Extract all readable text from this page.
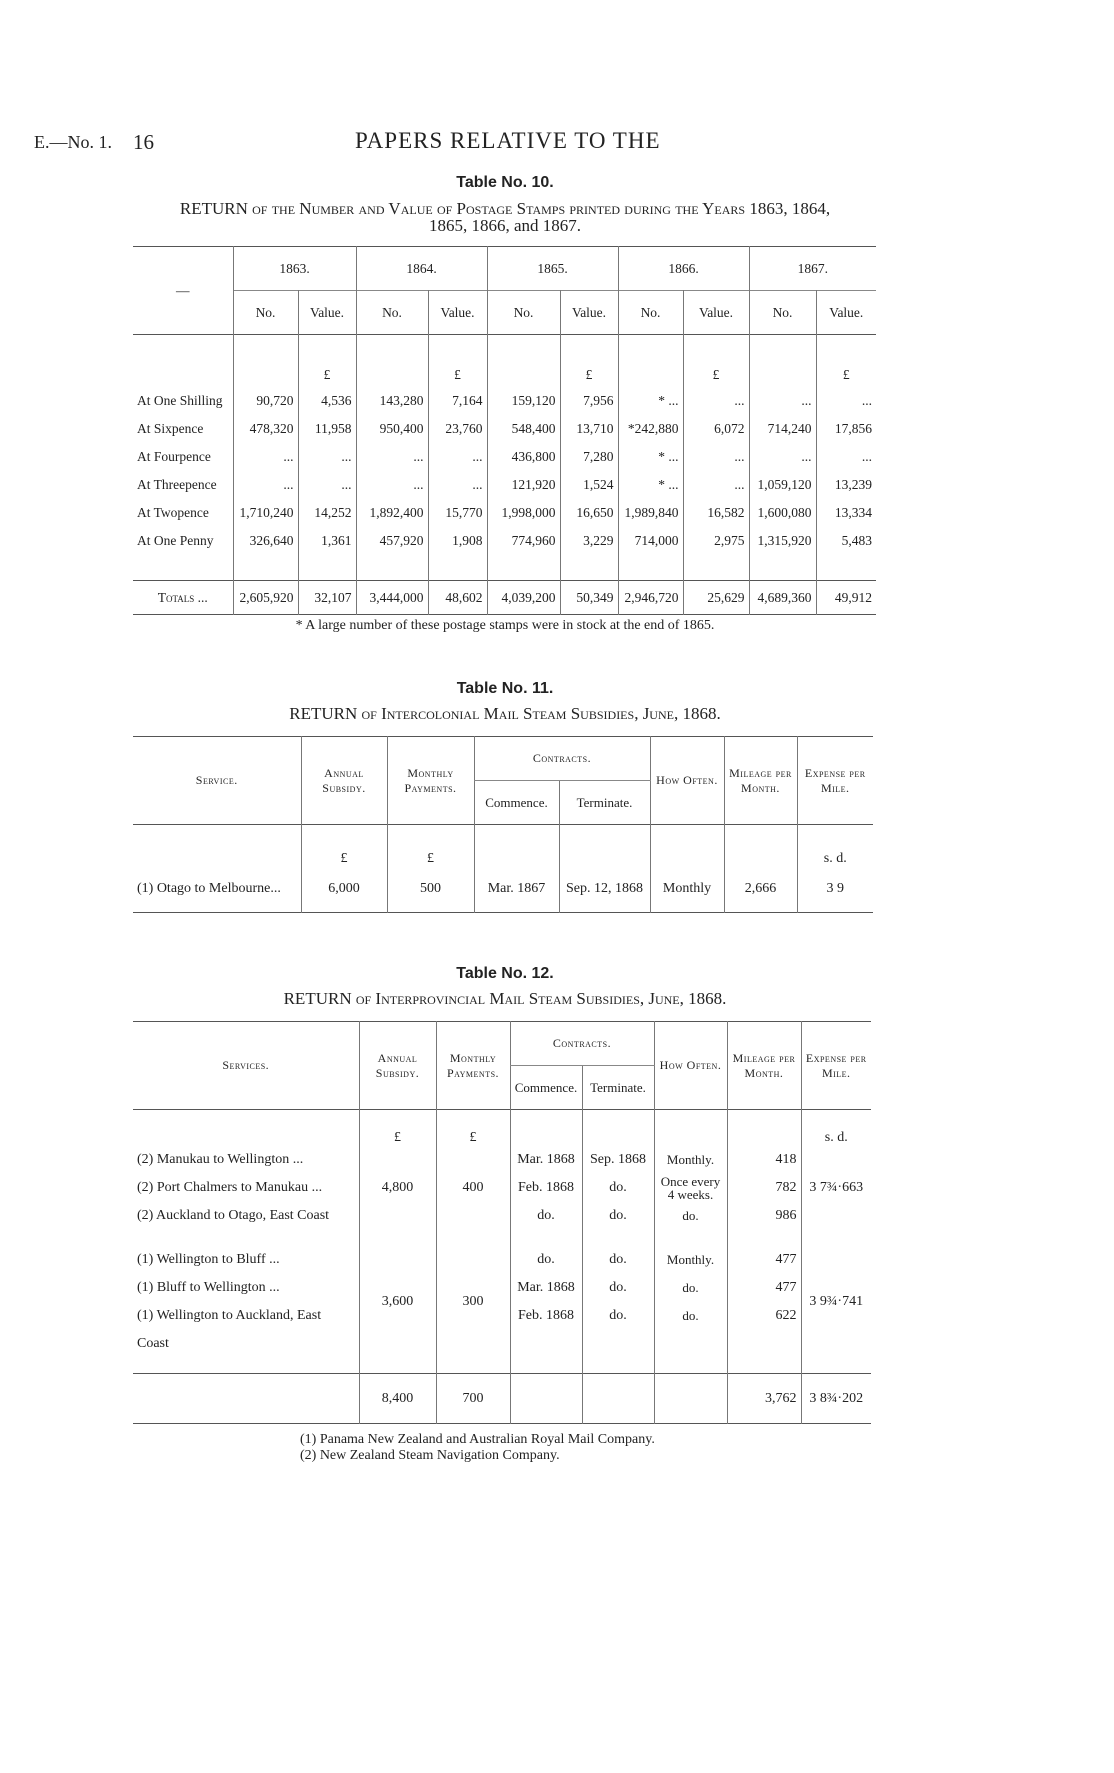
E.—No. 1. 16	PAPERS RELATIVE TO THE
Table No. 10.
RETURN of the Number and Value of Postage Stamps printed during the Years 1863, 1864,
1865, 1866, and 1867.
—	1863.		1864.		1865.		1866.		1867.	
	No.	Value.	No.	Value.	No.	Value.	No.	Value.	No.	Value.
		£		£		£		£		£
At One Shilling	90,720	4,536	143,280	7,164	159,120	7,956	* ...	...	...	...
At Sixpence	478,320	11,958	950,400	23,760	548,400	13,710	*242,880	6,072	714,240	17,856
At Fourpence	...	...	...	...	436,800	7,280	* ...	...	...	...
At Threepence	...	...	...	...	121,920	1,524	* ...	...	1,059,120	13,239
At Twopence	1,710,240	14,252	1,892,400	15,770	1,998,000	16,650	1,989,840	16,582	1,600,080	13,334
At One Penny	326,640	1,361	457,920	1,908	774,960	3,229	714,000	2,975	1,315,920	5,483

Totals ...	2,605,920	32,107	3,444,000	48,602	4,039,200	50,349	2,946,720	25,629	4,689,360	49,912
* A large number of these postage stamps were in stock at the end of 1865.
Table No. 11.
RETURN of Intercolonial Mail Steam Subsidies, June, 1868.
Service.	Annual Subsidy.	Monthly Payments.	Contracts.		How Often.	Mileage per Month.	Expense per Mile.
			Commence.	Terminate.			
	£	£					s. d.
(1) Otago to Melbourne...	6,000	500	Mar. 1867	Sep. 12, 1868	Monthly	2,666	3 9
Table No. 12.
RETURN of Interprovincial Mail Steam Subsidies, June, 1868.
Services.	Annual Subsidy.	Monthly Payments.	Contracts.		How Often.	Mileage per Month.	Expense per Mile.
			Commence.	Terminate.			
	£	£					s. d.
(2) Manukau to Wellington ...	4,800	400	Mar. 1868	Sep. 1868	Monthly.	418	3 7¾·663
(2) Port Chalmers to Manukau ...			Feb. 1868	do.	Once every 4 weeks.	782	
(2) Auckland to Otago, East Coast			do.	do.	do.	986	

(1) Wellington to Bluff ...	3,600	300	do.	do.	Monthly.	477	3 9¾·741
(1) Bluff to Wellington ...			Mar. 1868	do.	do.	477	
(1) Wellington to Auckland, East			Feb. 1868	do.	do.	622	
Coast							

	8,400	700				3,762	3 8¾·202
(1) Panama New Zealand and Australian Royal Mail Company.
(2) New Zealand Steam Navigation Company.
